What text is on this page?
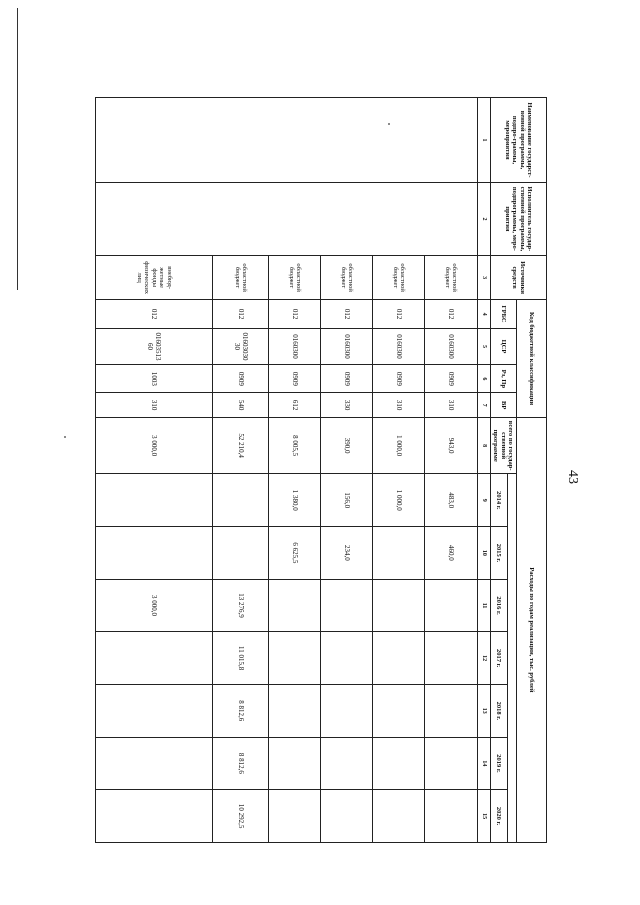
43
Наименование государст-венной программы, подпро-граммы, мероприятия	Исполнитель государ-ственной программы, подпрограммы, меро-приятия	Источники средств	Код бюджетной классификации				Расходы по годам реализации, тыс. рублей							
			ГРБС	ЦСР	Рз, Пр	ВР	всего по государ-ственной программе							
								2014 г.	2015 г.	2016 г.	2017 г.	2018 г.	2019 г.	2020 г.
1	2	3	4	5	6	7	8	9	10	11	12	13	14	15
		областной бюджет	012	0160300	0909	310	943,0	483,0	460,0					
		областной бюджет	012	0160300	0909	310	1 000,0	1 000,0						
		областной бюджет	012	0160300	0909	330	390,0	156,0	234,0					
		областной бюджет	012	0160300	0909	612	8 005,5	1 380,0	6 625,5					
		областной бюджет	012	01603030 30	0909	540	52 210,4			13 276,9	11 015,8	8 812,6	8 812,6	10 292,5
		внебюд-жетные фонды физических лиц	012	01603513 60	1003	310	3 000,0			3 000,0				
